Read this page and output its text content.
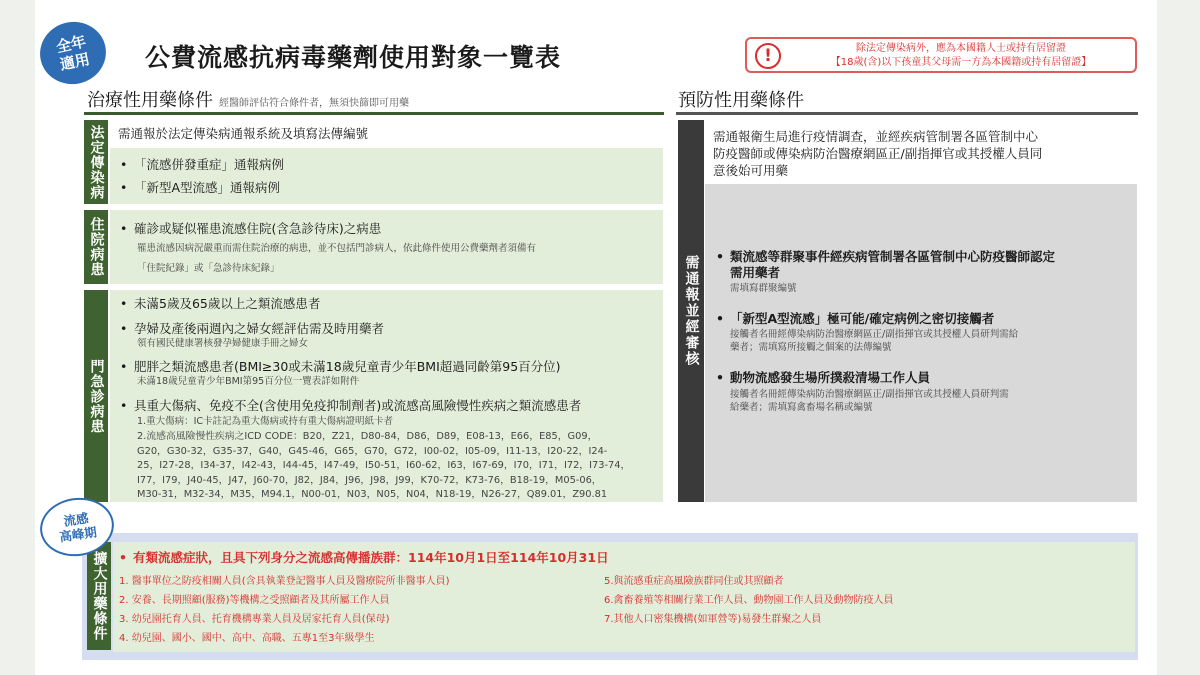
全年
適用	公費流感抗病毒藥劑使用對象一覽表	!	除法定傳染病外，應為本國籍人士或持有居留證
【18歲(含)以下孩童其父母需一方為本國籍或持有居留證】
治療性用藥條件 經醫師評估符合條件者，無須快篩即可用藥	預防性用藥條件
法定傳染病 需通報於法定傳染病通報系統及填寫法傳編號
• 「流感併發重症」通報病例
• 「新型A型流感」通報病例
住院病患
• 確診或疑似罹患流感住院(含急診待床)之病患
罹患流感因病況嚴重而需住院治療的病患，並不包括門診病人，依此條件使用公費藥劑者須備有
「住院紀錄」或「急診待床紀錄」
門急診病患
• 未滿5歲及65歲以上之類流感患者
• 孕婦及產後兩週內之婦女經評估需及時用藥者
領有國民健康署核發孕婦健康手冊之婦女
• 肥胖之類流感患者(BMI≥30或未滿18歲兒童青少年BMI超過同齡第95百分位)
未滿18歲兒童青少年BMI第95百分位一覽表詳如附件
• 具重大傷病、免疫不全(含使用免疫抑制劑者)或流感高風險慢性疾病之類流感患者
1.重大傷病：IC卡註記為重大傷病或持有重大傷病證明紙卡者
2.流感高風險慢性疾病之ICD CODE：B20，Z21，D80-84，D86，D89，E08-13，E66，E85，G09，
G20，G30-32，G35-37，G40，G45-46，G65，G70，G72，I00-02，I05-09，I11-13，I20-22，I24-
25，I27-28，I34-37，I42-43，I44-45，I47-49，I50-51，I60-62，I63，I67-69，I70，I71，I72，I73-74，
I77，I79，J40-45，J47，J60-70，J82，J84，J96，J98，J99，K70-72，K73-76，B18-19，M05-06，
M30-31，M32-34，M35，M94.1，N00-01，N03，N05，N04，N18-19，N26-27，Q89.01，Z90.81
需通報並經審核
需通報衛生局進行疫情調查，並經疾病管制署各區管制中心
防疫醫師或傳染病防治醫療網區正/副指揮官或其授權人員同
意後始可用藥
• 類流感等群聚事件經疾病管制署各區管制中心防疫醫師認定
需用藥者
需填寫群聚編號
• 「新型A型流感」極可能/確定病例之密切接觸者
接觸者名冊經傳染病防治醫療網區正/副指揮官或其授權人員研判需給
藥者；需填寫所接觸之個案的法傳編號
• 動物流感發生場所撲殺清場工作人員
接觸者名冊經傳染病防治醫療網區正/副指揮官或其授權人員研判需
給藥者；需填寫禽畜場名稱或編號
擴大用藥條件 • 有類流感症狀，且具下列身分之流感高傳播族群：114年10月1日至114年10月31日
1. 醫事單位之防疫相關人員(含具執業登記醫事人員及醫療院所非醫事人員)
2. 安養、長期照顧(服務)等機構之受照顧者及其所屬工作人員
3. 幼兒園托育人員、托育機構專業人員及居家托育人員(保母)
4. 幼兒園、國小、國中、高中、高職、五專1至3年級學生
5.與流感重症高風險族群同住或其照顧者
6.禽畜養殖等相關行業工作人員、動物園工作人員及動物防疫人員
7.其他人口密集機構(如軍營等)易發生群聚之人員
流感
高峰期
